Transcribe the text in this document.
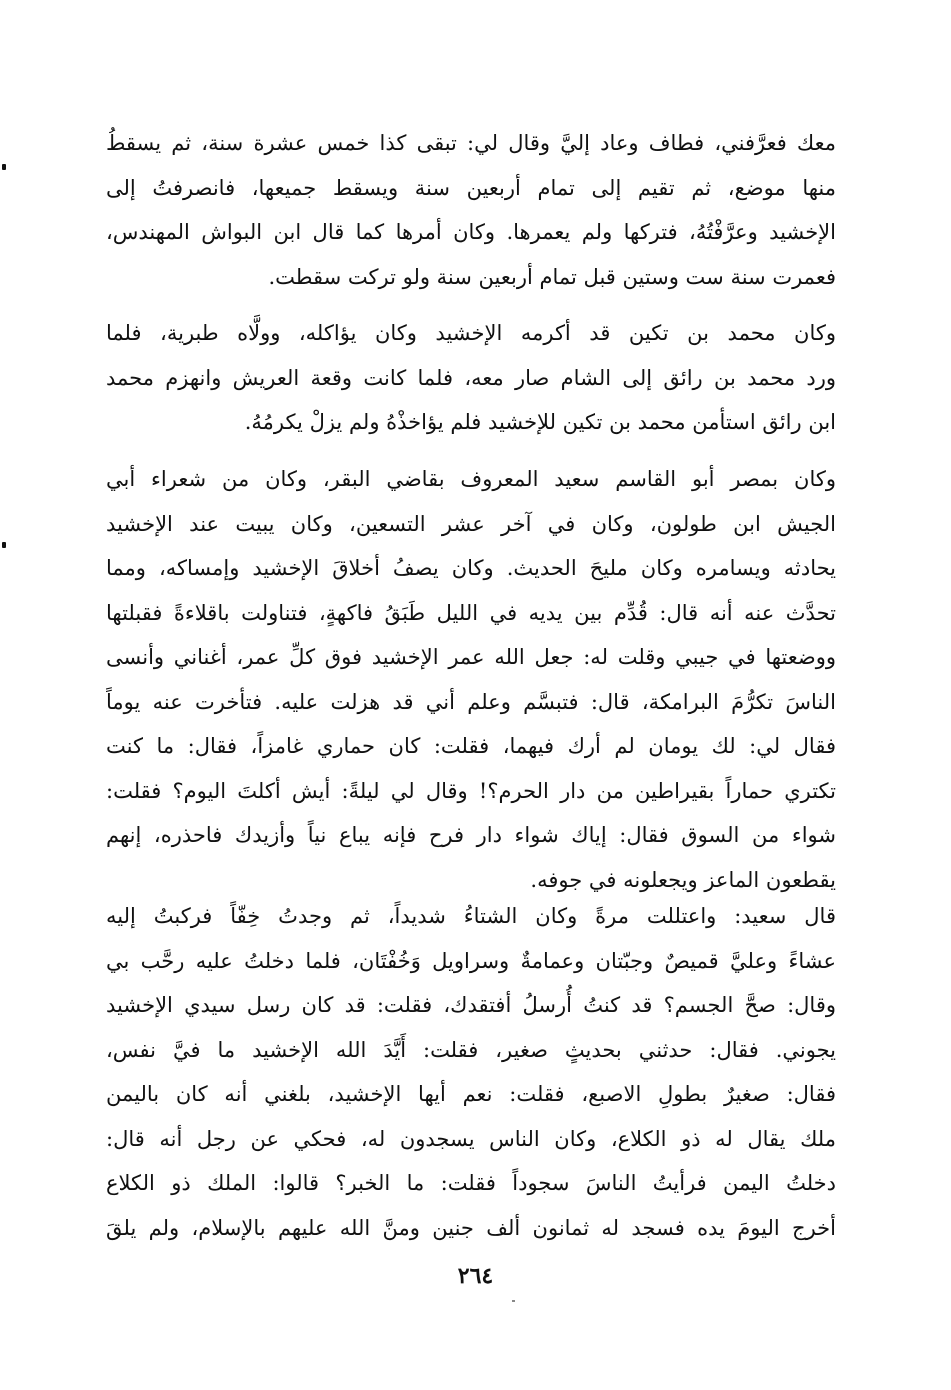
معك فعرَّفني، فطاف وعاد إليَّ وقال لي: تبقى كذا خمس عشرة سنة، ثم يسقطُ
منها موضع، ثم تقيم إلى تمام أربعين سنة ويسقط جميعها، فانصرفتُ إلى
الإخشيد وعرَّفْتُهُ، فتركها ولم يعمرها. وكان أمرها كما قال ابن البواش المهندس،
فعمرت سنة ست وستين قبل تمام أربعين سنة ولو تركت سقطت.
وكان محمد بن تكين قد أكرمه الإخشيد وكان يؤاكله، وولَّاه طبرية، فلما
ورد محمد بن رائق إلى الشام صار معه، فلما كانت وقعة العريش وانهزم محمد
ابن رائق استأمن محمد بن تكين للإخشيد فلم يؤاخذْهُ ولم يزلْ يكرمُهُ.
وكان بمصر أبو القاسم سعيد المعروف بقاضي البقر، وكان من شعراء أبي
الجيش ابن طولون، وكان في آخر عشر التسعين، وكان يبيت عند الإخشيد
يحادثه ويسامره وكان مليحَ الحديث. وكان يصفُ أخلاقَ الإخشيد وإمساكه، ومما
تحدَّث عنه أنه قال: قُدِّم بين يديه في الليل طَبَقُ فاكهةٍ، فتناولت باقلاءةً فقبلتها
ووضعتها في جيبي وقلت له: جعل الله عمر الإخشيد فوق كلِّ عمر، أغناني وأنسى
الناسَ تكرُّمَ البرامكة، قال: فتبسَّم وعلم أني قد هزلت عليه. فتأخرت عنه يوماً
فقال لي: لك يومان لم أرك فيهما، فقلت: كان حماري غامزاً، فقال: ما كنت
تكتري حماراً بقيراطين من دار الحرم؟! وقال لي ليلةً: أيش أكلتَ اليوم؟ فقلت:
شواء من السوق فقال: إياك شواء دار فرح فإنه يباع نياً وأزيدك فاحذره، إنهم
يقطعون الماعز ويجعلونه في جوفه.
قال سعيد: واعتللت مرةً وكان الشتاءُ شديداً، ثم وجدتُ خِفّاً فركبتُ إليه
عشاءً وعليَّ قميصٌ وجبّتان وعمامةٌ وسراويل وَخُفْتَان، فلما دخلتُ عليه رحَّب بي
وقال: صحَّ الجسم؟ قد كنتُ أُرسلُ أفتقدك، فقلت: قد كان رسل سيدي الإخشيد
يجوني. فقال: حدثني بحديثٍ صغير، فقلت: أَيَّدَ الله الإخشيد ما فيَّ نفس،
فقال: صغيرٌ بطولِ الاصبع، فقلت: نعم أيها الإخشيد، بلغني أنه كان باليمن
ملك يقال له ذو الكلاع، وكان الناس يسجدون له، فحكي عن رجل أنه قال:
دخلتُ اليمن فرأيتُ الناسَ سجوداً فقلت: ما الخبر؟ قالوا: الملك ذو الكلاع
أخرج اليومَ يده فسجد له ثمانون ألف جنين ومنَّ الله عليهم بالإسلام، ولم يلقَ
٢٦٤
